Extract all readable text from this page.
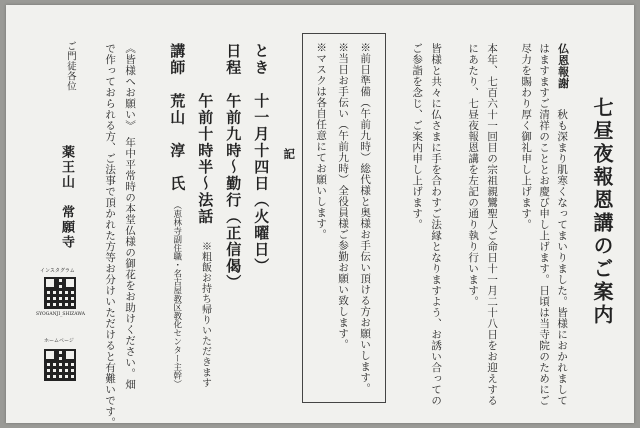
七昼夜報恩講のご案内
仏恩報謝
秋も深まり肌寒くなってまいりました。皆様におかれまして
はますますご清祥のこととお慶び申し上げます。日頃は当寺院のためにご
尽力を賜わり厚く御礼申し上げます。
本年、七百六十一回目の宗祖親鸞聖人ご命日十一月二十八日をお迎えする
にあたり、七昼夜報恩講を左記の通り執り行います。
皆様と共々に仏さまに手を合わすご法縁となりますよう、お誘い合っての
ご参詣を念じ、ご案内申し上げます。
※前日準備（午前九時）総代様と奥様お手伝い頂ける方お願いします。
※当日お手伝い（午前九時）全役員様ご参勤お願い致します。
※マスクは各自任意にてお願いします。
記
とき
十一月十四日（火曜日）
日程
午前九時～勤行（正信偈）
午前十時半～法話
※粗飯お持ち帰りいただきます
講師
荒山　淳　氏
（恵林寺副住職・名古屋教区教化センター主幹）
《皆様へお願い》　年中平常時の本堂仏様の御花をお助けください。畑
で作っておられる方、ご法事で頂かれた方等お分けいただけると有難いです。
ご門徒各位
薬王山　常願寺
インスタグラム
SYOGANJI_SHIZAWA
ホームページ
